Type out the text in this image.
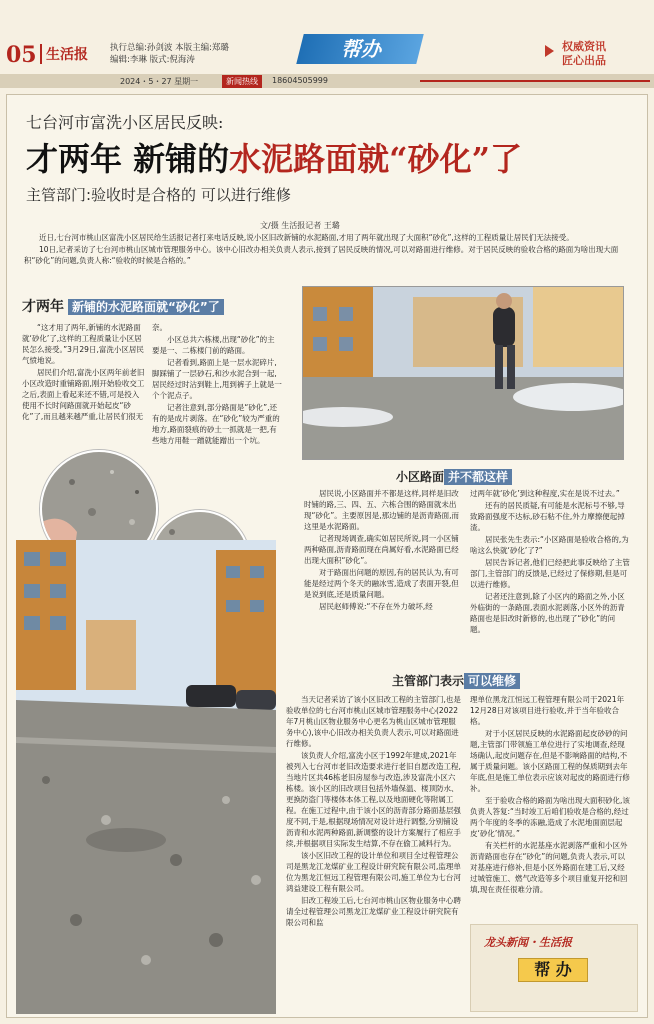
05 生活报	执行总编:孙剑波 本版主编:郑璐
编辑:李琳 版式:倪海涛	帮办	权威资讯
匠心出品
2024・5・27 星期一	新闻热线	18604505999
七台河市富洗小区居民反映:
才两年 新铺的水泥路面就“砂化”了
主管部门:验收时是合格的 可以进行维修
文/摄 生活报记者 王璐

近日,七台河市桃山区富洗小区居民给生活报记者打来电话反映,说小区旧改新铺的水泥路面,才用了两年就出现了大面积“砂化”,这样的工程质量让居民们无法接受。

10日,记者采访了七台河市桃山区城市管理服务中心。该中心旧改办相关负责人表示,接到了居民反映的情况,可以对路面进行维修。对于居民反映的验收合格的路面为啥出现大面积“砂化”的问题,负责人称:“验收的时候是合格的。”

才两年 新铺的水泥路面就“砂化”了

“这才用了两年,新铺的水泥路面就‘砂化’了,这样的工程质量让小区居民怎么接受。”3月29日,富洗小区居民气愤地说。

居民们介绍,富洗小区两年前老旧小区改造时重铺路面,刚开始验收交工之后,表面上看起来还不错,可是投入使用不长时间路面就开始起皮“砂化”了,而且越来越严重,让居民们很无

奈。

小区总共六栋楼,出现“砂化”的主要是一、二栋楼门前的路面。

记者看到,路面上是一层水泥碎片,脚踩铺了一层砂石,和沙水泥合到一起,居民经过时沾到鞋上,甩到裤子上就是一个个泥点子。

记者注意到,部分路面是“砂化”,还有的是成片剥落。在“砂化”较为严重的地方,路面裂痕的砂土一抓就是一把,有些地方用鞋一蹭就能蹭出一个坑。

小区路面 并不都这样

居民说,小区路面并不都是这样,同样是旧改时铺的路,三、四、五、六栋合围的路面就未出现“砂化”。主要原因是,那边铺的是沥青路面,而这里是水泥路面。

记者现场调查,确实如居民所说,同一小区铺两种路面,沥青路面现在尚属好看,水泥路面已经出现大面积“砂化”。

对于路面出问题的原因,有的居民认为,有可能是经过两个冬天的融冰雪,造成了表面开裂,但是说到底,还是质量问题。

居民赵师傅说:“不存在外力破坏,经

过两年就‘砂化’到这种程度,实在是说不过去。”

还有的居民质疑,有可能是水泥标号不够,导致路面强度不达标,砂石粘不住,外力摩擦便起掉渣。

居民张先生表示:“小区路面是验收合格的,为啥这么快就‘砂化’了?”

居民告诉记者,他们已经把此事反映给了主管部门,主管部门的反馈是,已经过了保修期,但是可以进行维修。

记者还注意到,除了小区内的路面之外,小区外临街的一条路面,表面水泥剥落,小区外的沥青路面也是旧改时新修的,也出现了“砂化”的问题。

主管部门表示 可以维修

当天记者采访了该小区旧改工程的主管部门,也是验收单位的七台河市桃山区城市管理服务中心(2022年7月桃山区物业服务中心更名为桃山区城市管理服务中心),该中心旧改办相关负责人表示,可以对路面进行维修。

该负责人介绍,富洗小区于1992年建成,2021年被列入七台河市老旧改造要求进行老旧自愿改造工程,当地片区共46栋老旧房屋参与改造,涉及富洗小区六栋楼。该小区的旧改项目包括外墙保温、楼顶防水、更换防盗门等楼体本体工程,以及地面硬化等附属工程。在施工过程中,由于该小区的沥青部分路面基层强度不同,于是,根据现场情况对设计进行调整,分别铺设沥青和水泥两种路面,新调整的设计方案履行了相应手续,并根据项目实际发生结算,不存在偷工减料行为。

该小区旧改工程的设计单位和项目全过程管理公司是黑龙江龙煤矿业工程设计研究院有限公司,监理单位为黑龙江恒远工程管理有限公司,施工单位为七台河鸿益建设工程有限公司。

旧改工程竣工后,七台河市桃山区物业服务中心聘请全过程管理公司黑龙江龙煤矿业工程设计研究院有限公司和监

理单位黑龙江恒远工程管理有限公司于2021年12月28日对该项目进行验收,并于当年验收合格。

对于小区居民反映的水泥路面起皮砂砂的问题,主管部门带领施工单位进行了实地调查,经现场确认,起皮问题存在,但是不影响路面的结构,不属于质量问题。该小区路面工程的保质期到去年年底,但是施工单位表示应该对起皮的路面进行修补。

至于验收合格的路面为啥出现大面积砂化,该负责人答复:“当时竣工后咱们验收是合格的,经过两个年度的冬季的冻融,造成了水泥地面面层起皮‘砂化’情况。”

有关栏杆的水泥基座水泥剥落严重和小区外沥青路面也存在“砂化”的问题,负责人表示,可以对基座进行修补,但是小区外路面在建工后,又经过城管施工、燃气改造等多个项目重复开挖和回填,现在责任很难分清。

龙头新闻・生活报
帮 办
